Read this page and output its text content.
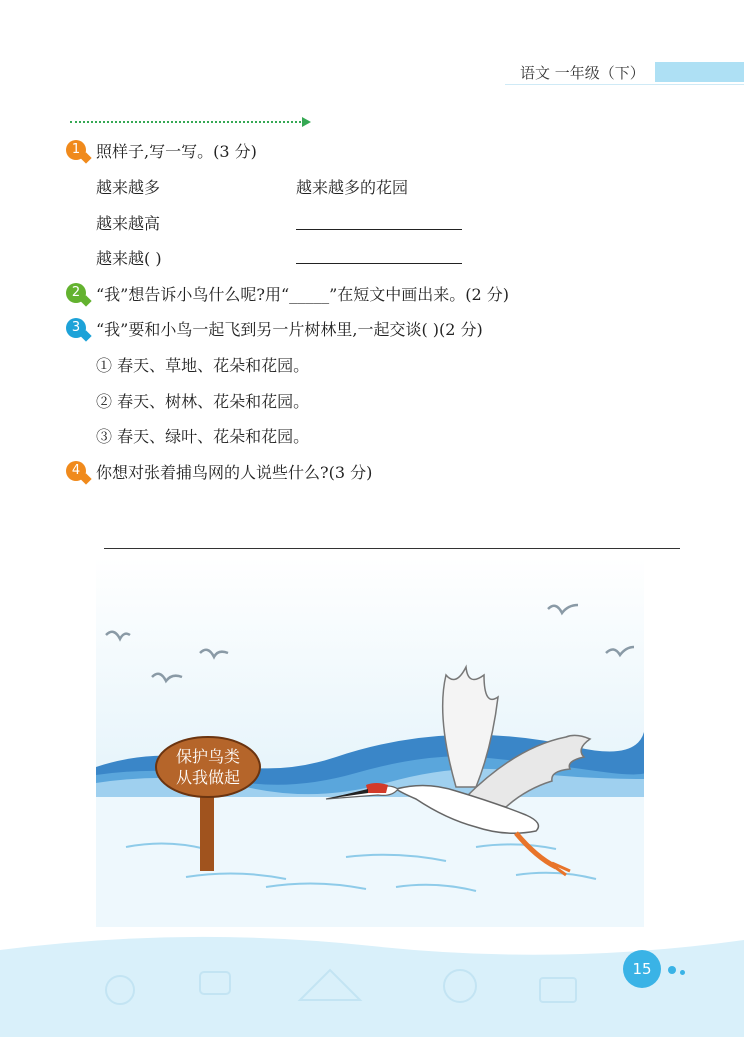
语文 一年级（下）
1 照样子,写一写。(3 分)
越来越多	越来越多的花园
越来越高
越来越( )
2 “我”想告诉小鸟什么呢?用“_____”在短文中画出来。(2 分)
3 “我”要和小鸟一起飞到另一片树林里,一起交谈( )(2 分)
① 春天、草地、花朵和花园。
② 春天、树林、花朵和花园。
③ 春天、绿叶、花朵和花园。
4 你想对张着捕鸟网的人说些什么?(3 分)
保护鸟类
从我做起
15
